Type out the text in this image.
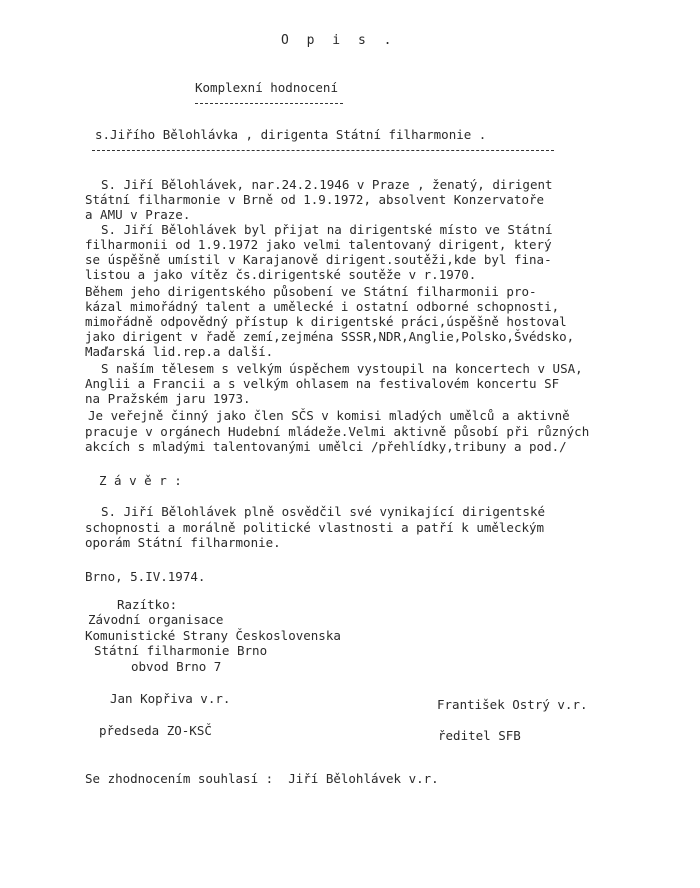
O p i s .
Komplexní hodnocení
s.Jiřího Bělohlávka , dirigenta Státní filharmonie .
S. Jiří Bělohlávek, nar.24.2.1946 v Praze , ženatý, dirigent
Státní filharmonie v Brně od 1.9.1972, absolvent Konzervatoře
a AMU v Praze.
S. Jiří Bělohlávek byl přijat na dirigentské místo ve Státní
filharmonii od 1.9.1972 jako velmi talentovaný dirigent, který
se úspěšně umístil v Karajanově dirigent.soutěži,kde byl fina-
listou a jako vítěz čs.dirigentské soutěže v r.1970.
Během jeho dirigentského působení ve Státní filharmonii pro-
kázal mimořádný talent a umělecké i ostatní odborné schopnosti,
mimořádně odpovědný přístup k dirigentské práci,úspěšně hostoval
jako dirigent v řadě zemí,zejména SSSR,NDR,Anglie,Polsko,Švédsko,
Maďarská lid.rep.a další.
S naším tělesem s velkým úspěchem vystoupil na koncertech v USA,
Anglii a Francii a s velkým ohlasem na festivalovém koncertu SF
na Pražském jaru 1973.
Je veřejně činný jako člen SČS v komisi mladých umělců a aktivně
pracuje v orgánech Hudební mládeže.Velmi aktivně působí při různých
akcích s mladými talentovanými umělci /přehlídky,tribuny a pod./
Z á v ě r :
S. Jiří Bělohlávek plně osvědčil své vynikající dirigentské
schopnosti a morálně politické vlastnosti a patří k uměleckým
oporám Státní filharmonie.
Brno, 5.IV.1974.
Razítko:
Závodní organisace
Komunistické Strany Československa
Státní filharmonie Brno
obvod Brno 7
Jan Kopřiva v.r.	František Ostrý v.r.
předseda ZO-KSČ	ředitel SFB
Se zhodnocením souhlasí :  Jiří Bělohlávek v.r.
